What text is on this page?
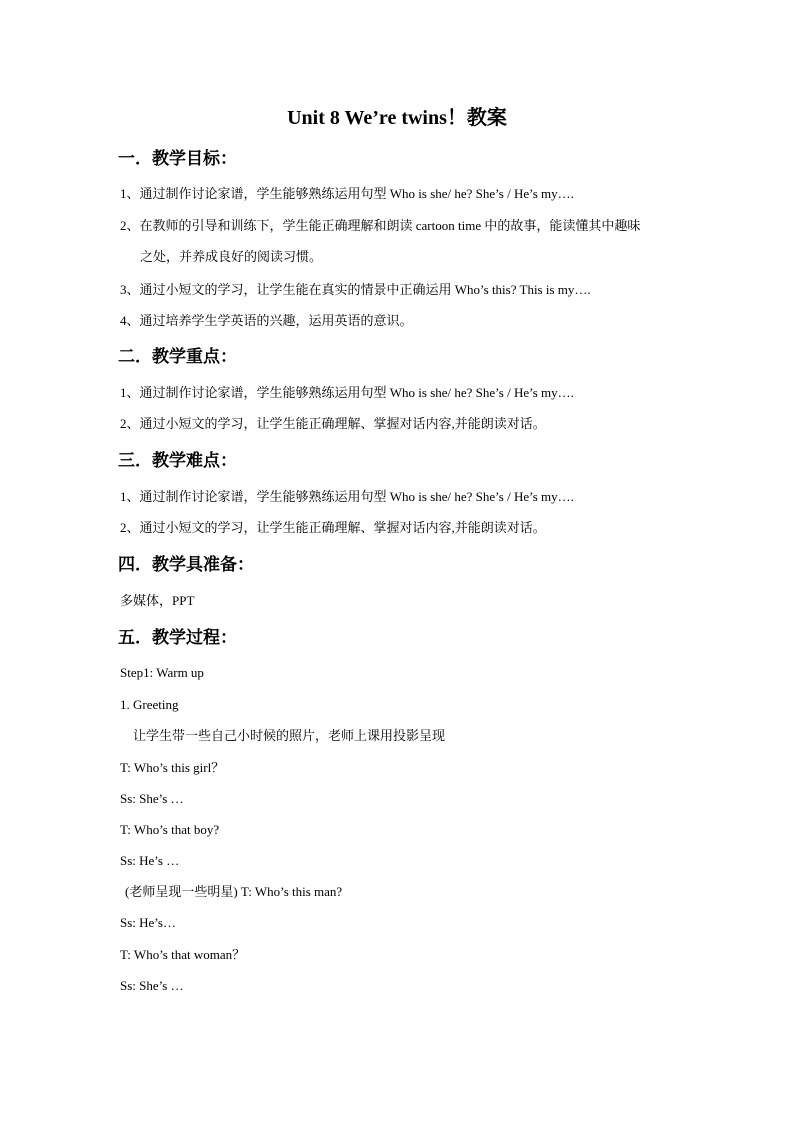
Unit 8 We’re twins！教案
一．教学目标：
1、通过制作讨论家谱，学生能够熟练运用句型 Who is she/ he? She’s / He’s my….
2、在教师的引导和训练下，学生能正确理解和朗读 cartoon time 中的故事，能读懂其中趣味
之处，并养成良好的阅读习惯。
3、通过小短文的学习，让学生能在真实的情景中正确运用 Who’s this? This is my….
4、通过培养学生学英语的兴趣，运用英语的意识。
二．教学重点：
1、通过制作讨论家谱，学生能够熟练运用句型 Who is she/ he? She’s / He’s my….
2、通过小短文的学习，让学生能正确理解、掌握对话内容,并能朗读对话。
三．教学难点：
1、通过制作讨论家谱，学生能够熟练运用句型 Who is she/ he? She’s / He’s my….
2、通过小短文的学习，让学生能正确理解、掌握对话内容,并能朗读对话。
四．教学具准备：
多媒体，PPT
五．教学过程：
Step1: Warm up
1. Greeting
让学生带一些自己小时候的照片，老师上课用投影呈现
T: Who’s this girl？
Ss: She’s …
T: Who’s that boy?
Ss: He’s …
(老师呈现一些明星) T: Who’s this man?
Ss: He’s…
T: Who’s that woman？
Ss: She’s …
